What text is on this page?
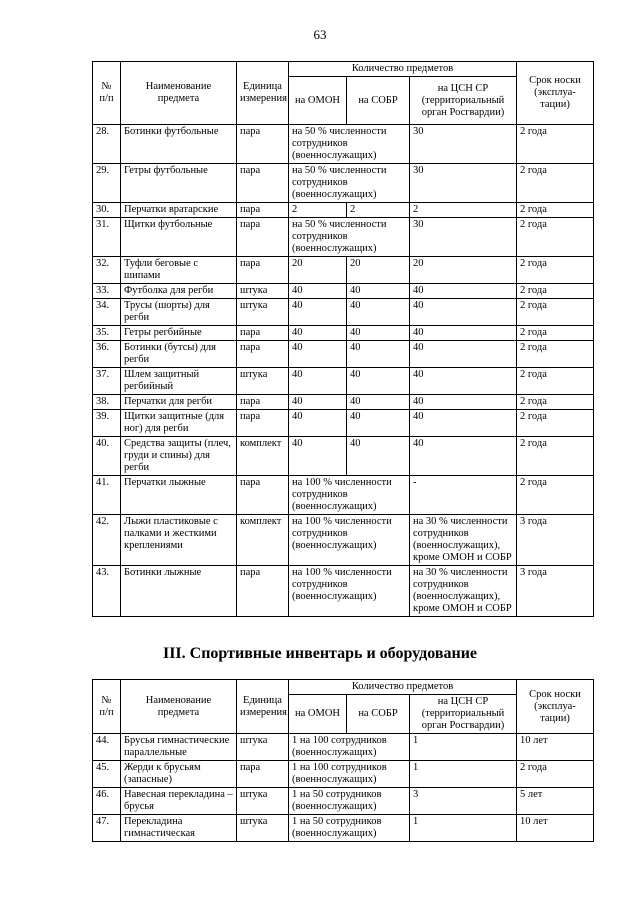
63
№ п/п	Наименование предмета	Единица измерения	Количество предметов			Срок носки (эксплуа- тации)
			на ОМОН	на СОБР	на ЦСН СР (территориальный орган Росгвардии)	
28.	Ботинки футбольные	пара	на 50 % численности сотрудников (военнослужащих)		30	2 года
29.	Гетры футбольные	пара	на 50 % численности сотрудников (военнослужащих)		30	2 года
30.	Перчатки вратарские	пара	2	2	2	2 года
31.	Щитки футбольные	пара	на 50 % численности сотрудников (военнослужащих)		30	2 года
32.	Туфли беговые с шипами	пара	20	20	20	2 года
33.	Футболка для регби	штука	40	40	40	2 года
34.	Трусы (шорты) для регби	штука	40	40	40	2 года
35.	Гетры регбийные	пара	40	40	40	2 года
36.	Ботинки (бутсы) для регби	пара	40	40	40	2 года
37.	Шлем защитный регбийный	штука	40	40	40	2 года
38.	Перчатки для регби	пара	40	40	40	2 года
39.	Щитки защитные (для ног) для регби	пара	40	40	40	2 года
40.	Средства защиты (плеч, груди и спины) для регби	комплект	40	40	40	2 года
41.	Перчатки лыжные	пара	на 100 % численности сотрудников (военнослужащих)		-	2 года
42.	Лыжи пластиковые с палками и жесткими креплениями	комплект	на 100 % численности сотрудников (военнослужащих)		на 30 % численности сотрудников (военнослужащих), кроме ОМОН и СОБР	3 года
43.	Ботинки лыжные	пара	на 100 % численности сотрудников (военнослужащих)		на 30 % численности сотрудников (военнослужащих), кроме ОМОН и СОБР	3 года
III. Спортивные инвентарь и оборудование
№ п/п	Наименование предмета	Единица измерения	Количество предметов			Срок носки (эксплуа- тации)
			на ОМОН	на СОБР	на ЦСН СР (территориальный орган Росгвардии)	
44.	Брусья гимнастические параллельные	штука	1 на 100 сотрудников (военнослужащих)		1	10 лет
45.	Жерди к брусьям (запасные)	пара	1 на 100 сотрудников (военнослужащих)		1	2 года
46.	Навесная перекладина – брусья	штука	1 на 50 сотрудников (военнослужащих)		3	5 лет
47.	Перекладина гимнастическая	штука	1 на 50 сотрудников (военнослужащих)		1	10 лет
